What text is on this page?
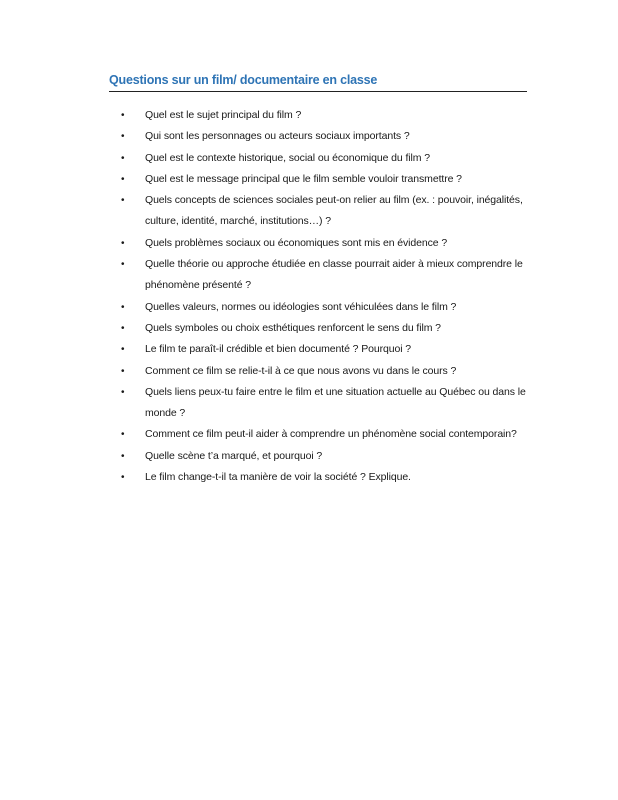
Questions sur un film/ documentaire en classe
• Quel est le sujet principal du film ?
• Qui sont les personnages ou acteurs sociaux importants ?
• Quel est le contexte historique, social ou économique du film ?
• Quel est le message principal que le film semble vouloir transmettre ?
• Quels concepts de sciences sociales peut-on relier au film (ex. : pouvoir, inégalités, culture, identité, marché, institutions…) ?
• Quels problèmes sociaux ou économiques sont mis en évidence ?
• Quelle théorie ou approche étudiée en classe pourrait aider à mieux comprendre le phénomène présenté ?
• Quelles valeurs, normes ou idéologies sont véhiculées dans le film ?
• Quels symboles ou choix esthétiques renforcent le sens du film ?
• Le film te paraît-il crédible et bien documenté ? Pourquoi ?
• Comment ce film se relie-t-il à ce que nous avons vu dans le cours ?
• Quels liens peux-tu faire entre le film et une situation actuelle au Québec ou dans le monde ?
• Comment ce film peut-il aider à comprendre un phénomène social contemporain?
• Quelle scène t’a marqué, et pourquoi ?
• Le film change-t-il ta manière de voir la société ? Explique.
